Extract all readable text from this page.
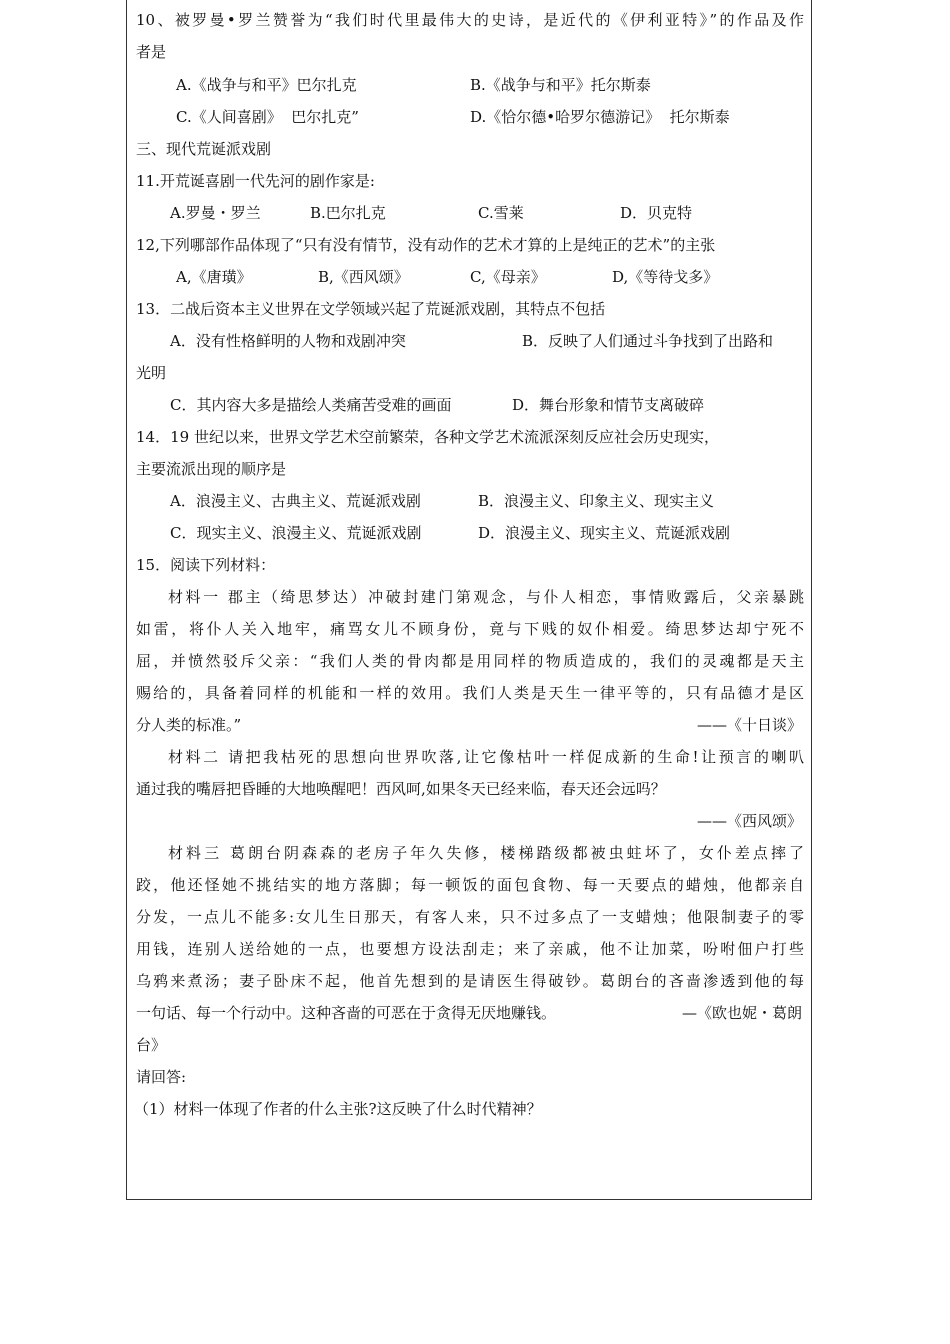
10、被罗曼•罗兰赞誉为“我们时代里最伟大的史诗，是近代的《伊利亚特》”的作品及作
者是
A.《战争与和平》巴尔扎克	B.《战争与和平》托尔斯泰
C.《人间喜剧》  巴尔扎克”	D.《恰尔德•哈罗尔德游记》  托尔斯泰
三、现代荒诞派戏剧
11.开荒诞喜剧一代先河的剧作家是:
A.罗曼・罗兰	B.巴尔扎克	C.雪莱	D．贝克特
12,下列哪部作品体现了“只有没有情节，没有动作的艺术才算的上是纯正的艺术”的主张
A,《唐璜》	B,《西风颂》	C,《母亲》	D,《等待戈多》
13．二战后资本主义世界在文学领域兴起了荒诞派戏剧，其特点不包括
A．没有性格鲜明的人物和戏剧冲突	B．反映了人们通过斗争找到了出路和
光明
C．其内容大多是描绘人类痛苦受难的画面	D．舞台形象和情节支离破碎
14．19 世纪以来，世界文学艺术空前繁荣，各种文学艺术流派深刻反应社会历史现实，
主要流派出现的顺序是
A．浪漫主义、古典主义、荒诞派戏剧	B．浪漫主义、印象主义、现实主义
C．现实主义、浪漫主义、荒诞派戏剧	D．浪漫主义、现实主义、荒诞派戏剧
15．阅读下列材料：
材料一 郡主（绮思梦达）冲破封建门第观念，与仆人相恋，事情败露后，父亲暴跳
如雷，将仆人关入地牢，痛骂女儿不顾身份，竟与下贱的奴仆相爱。绮思梦达却宁死不
屈，并愤然驳斥父亲：“我们人类的骨肉都是用同样的物质造成的，我们的灵魂都是天主
赐给的，具备着同样的机能和一样的效用。我们人类是天生一律平等的，只有品德才是区
分人类的标准。”	——《十日谈》
材料二 请把我枯死的思想向世界吹落,让它像枯叶一样促成新的生命!让预言的喇叭
通过我的嘴唇把昏睡的大地唤醒吧！西风呵,如果冬天已经来临，春天还会远吗？
——《西风颂》
材料三 葛朗台阴森森的老房子年久失修，楼梯踏级都被虫蛀坏了，女仆差点摔了
跤，他还怪她不挑结实的地方落脚；每一顿饭的面包食物、每一天要点的蜡烛，他都亲自
分发，一点儿不能多:女儿生日那天，有客人来，只不过多点了一支蜡烛；他限制妻子的零
用钱，连别人送给她的一点，也要想方设法刮走；来了亲戚，他不让加菜，吩咐佃户打些
乌鸦来煮汤；妻子卧床不起，他首先想到的是请医生得破钞。葛朗台的吝啬渗透到他的每
一句话、每一个行动中。这种吝啬的可恶在于贪得无厌地赚钱。	—《欧也妮・葛朗
台》
请回答:
（1）材料一体现了作者的什么主张?这反映了什么时代精神？
